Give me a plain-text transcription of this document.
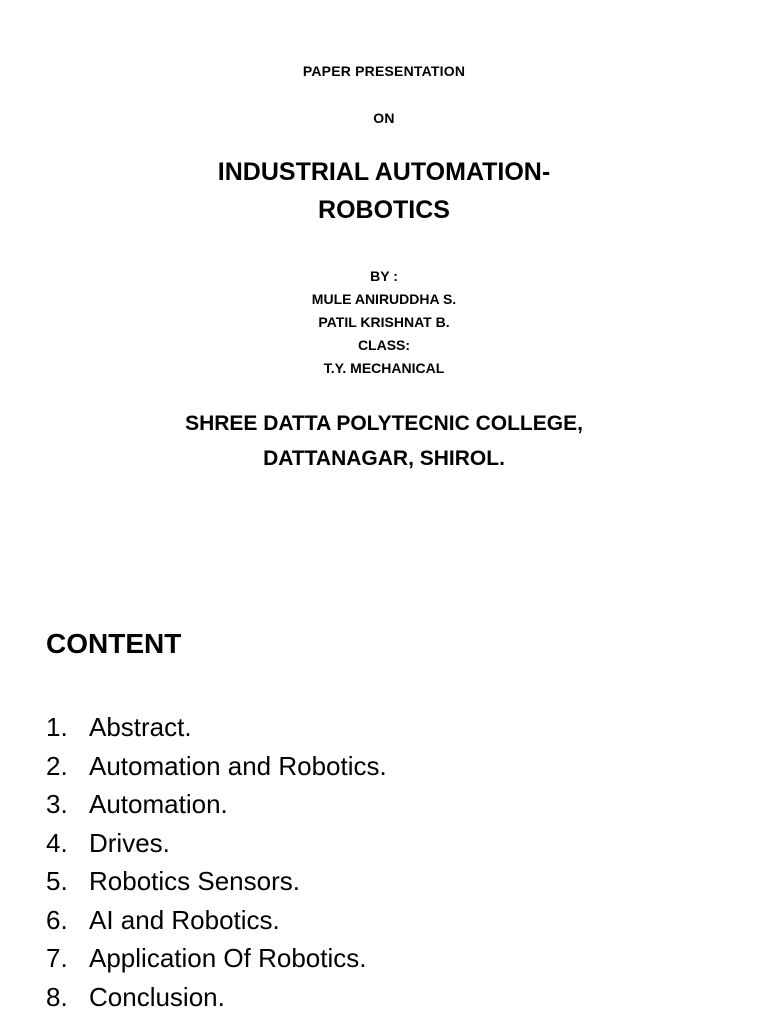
PAPER PRESENTATION

ON

INDUSTRIAL AUTOMATION-
ROBOTICS
BY :
MULE ANIRUDDHA S.
PATIL KRISHNAT B.
CLASS:
T.Y. MECHANICAL
SHREE DATTA POLYTECNIC COLLEGE,
DATTANAGAR, SHIROL.
CONTENT
1. Abstract.
2. Automation and Robotics.
3. Automation.
4. Drives.
5. Robotics Sensors.
6. AI and Robotics.
7. Application Of Robotics.
8. Conclusion.
